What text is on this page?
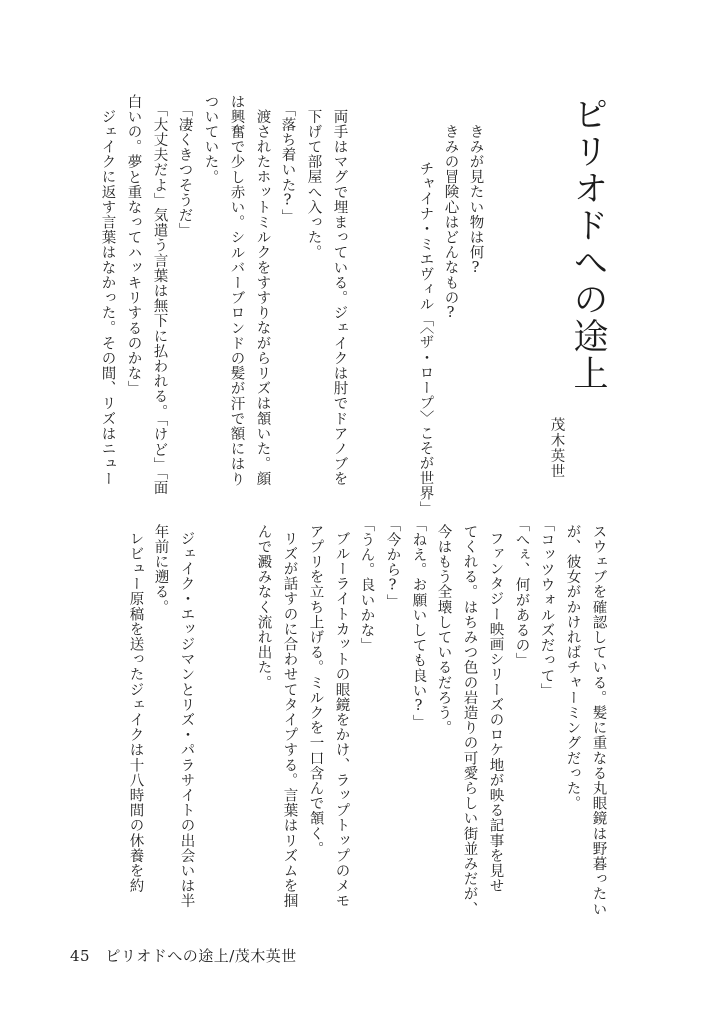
ピリオドへの途上
きみが見たい物は何?
きみの冒険心はどんなもの?
チャイナ・ミエヴィル「〈ザ・ロープ〉こそが世界」	茂木英世
両手はマグで埋まっている。ジェイクは肘でドアノブを
下げて部屋へ入った。
「落ち着いた?」
渡されたホットミルクをすすりながらリズは頷いた。顔
は興奮で少し赤い。シルバーブロンドの髪が汗で額にはり
ついていた。
「凄くきつそうだ」
「大丈夫だよ」気遣う言葉は無下に払われる。「けど」「面
白いの。夢と重なってハッキリするのかな」
ジェイクに返す言葉はなかった。その間、リズはニュー
スウェブを確認している。髪に重なる丸眼鏡は野暮ったい
が、彼女がかければチャーミングだった。
「コッツウォルズだって」
「へぇ、何があるの」
ファンタジー映画シリーズのロケ地が映る記事を見せ
てくれる。はちみつ色の岩造りの可愛らしい街並みだが、
今はもう全壊しているだろう。
「ねえ。お願いしても良い?」
「今から?」
「うん。良いかな」
ブルーライトカットの眼鏡をかけ、ラップトップのメモ
アプリを立ち上げる。ミルクを一口含んで頷く。
リズが話すのに合わせてタイプする。言葉はリズムを掴
んで澱みなく流れ出た。
ジェイク・エッジマンとリズ・パラサイトの出会いは半
年前に遡る。
レビュー原稿を送ったジェイクは十八時間の休養を約
45 ピリオドへの途上/茂木英世
